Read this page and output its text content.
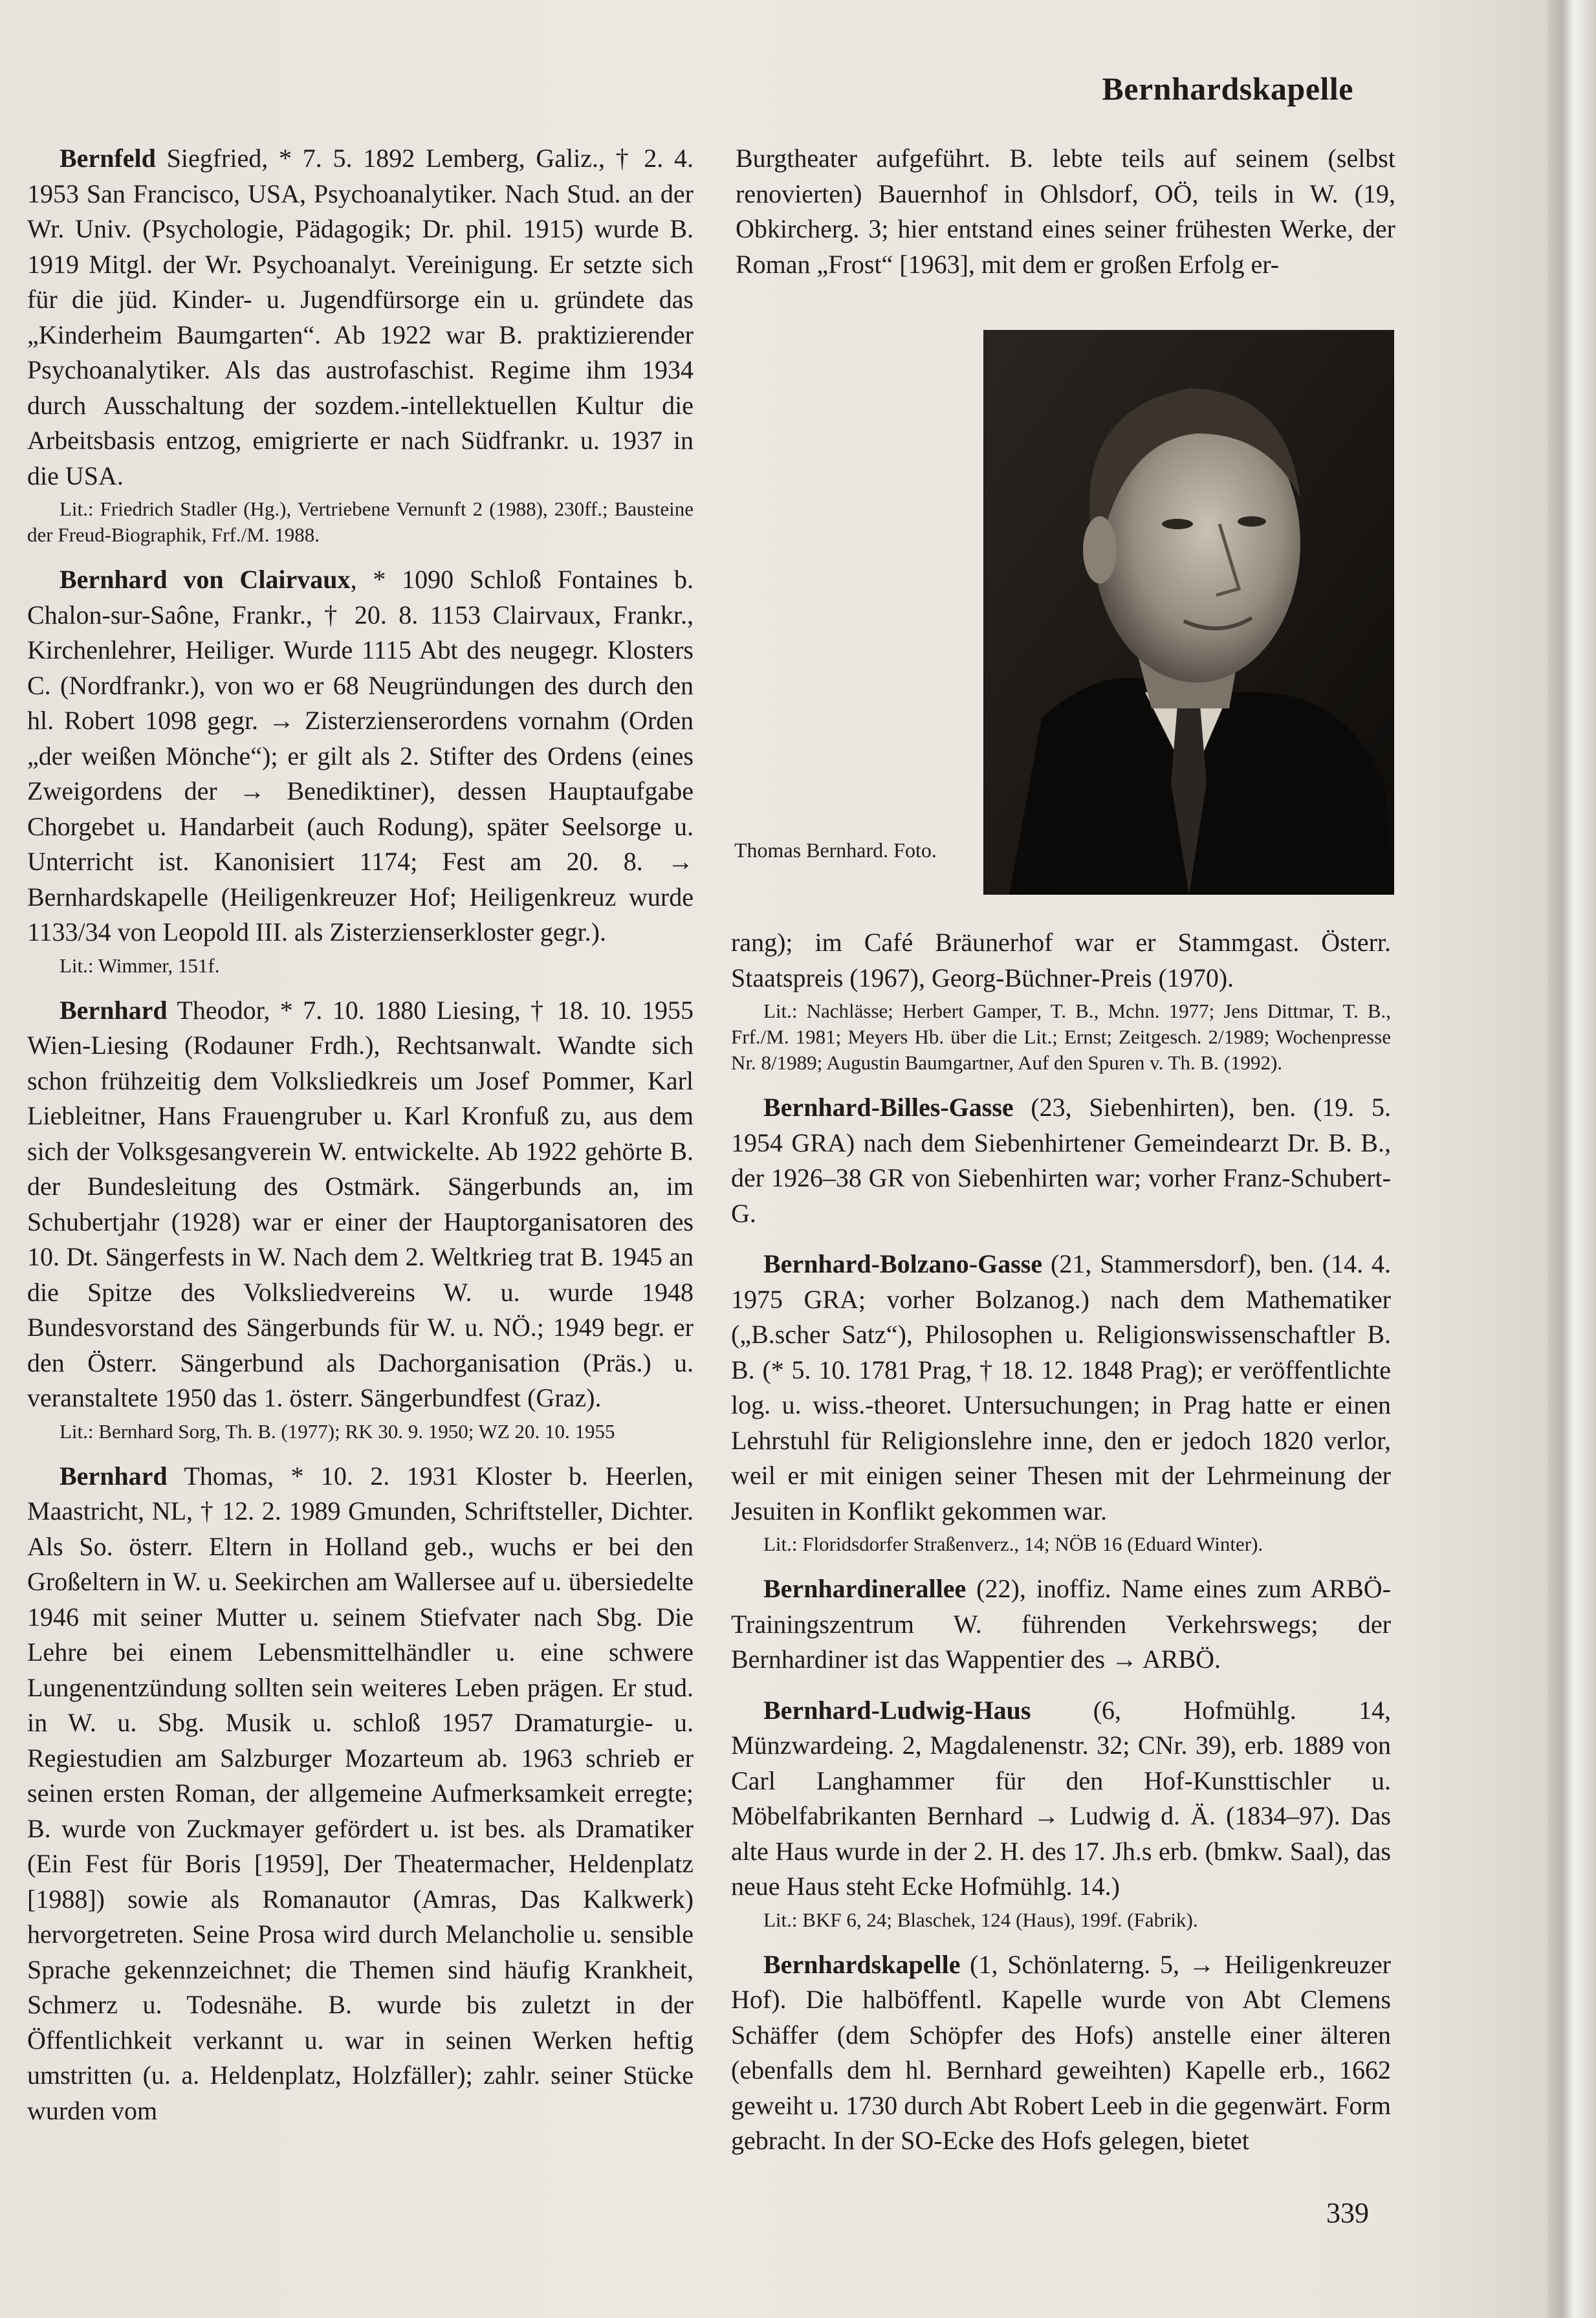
Bernhardskapelle

Bernfeld Siegfried, * 7. 5. 1892 Lemberg, Galiz., † 2. 4. 1953 San Francisco, USA, Psychoanalytiker. Nach Stud. an der Wr. Univ. (Psychologie, Pädagogik; Dr. phil. 1915) wurde B. 1919 Mitgl. der Wr. Psychoanalyt. Vereinigung. Er setzte sich für die jüd. Kinder- u. Jugendfürsorge ein u. gründete das „Kinderheim Baumgarten“. Ab 1922 war B. praktizierender Psychoanalytiker. Als das austrofaschist. Regime ihm 1934 durch Ausschaltung der sozdem.-intellektuellen Kultur die Arbeitsbasis entzog, emigrierte er nach Südfrankr. u. 1937 in die USA.

Lit.: Friedrich Stadler (Hg.), Vertriebene Vernunft 2 (1988), 230ff.; Bausteine der Freud-Biographik, Frf./M. 1988.

Bernhard von Clairvaux, * 1090 Schloß Fontaines b. Chalon-sur-Saône, Frankr., † 20. 8. 1153 Clairvaux, Frankr., Kirchenlehrer, Heiliger. Wurde 1115 Abt des neugegr. Klosters C. (Nordfrankr.), von wo er 68 Neugründungen des durch den hl. Robert 1098 gegr. → Zisterzienserordens vornahm (Orden „der weißen Mönche“); er gilt als 2. Stifter des Ordens (eines Zweigordens der → Benediktiner), dessen Hauptaufgabe Chorgebet u. Handarbeit (auch Rodung), später Seelsorge u. Unterricht ist. Kanonisiert 1174; Fest am 20. 8. → Bernhardskapelle (Heiligenkreuzer Hof; Heiligenkreuz wurde 1133/34 von Leopold III. als Zisterzienserkloster gegr.).

Lit.: Wimmer, 151f.

Bernhard Theodor, * 7. 10. 1880 Liesing, † 18. 10. 1955 Wien-Liesing (Rodauner Frdh.), Rechtsanwalt. Wandte sich schon frühzeitig dem Volksliedkreis um Josef Pommer, Karl Liebleitner, Hans Frauengruber u. Karl Kronfuß zu, aus dem sich der Volksgesangverein W. entwickelte. Ab 1922 gehörte B. der Bundesleitung des Ostmärk. Sängerbunds an, im Schubertjahr (1928) war er einer der Hauptorganisatoren des 10. Dt. Sängerfests in W. Nach dem 2. Weltkrieg trat B. 1945 an die Spitze des Volksliedvereins W. u. wurde 1948 Bundesvorstand des Sängerbunds für W. u. NÖ.; 1949 begr. er den Österr. Sängerbund als Dachorganisation (Präs.) u. veranstaltete 1950 das 1. österr. Sängerbundfest (Graz).

Lit.: Bernhard Sorg, Th. B. (1977); RK 30. 9. 1950; WZ 20. 10. 1955

Bernhard Thomas, * 10. 2. 1931 Kloster b. Heerlen, Maastricht, NL, † 12. 2. 1989 Gmunden, Schriftsteller, Dichter. Als So. österr. Eltern in Holland geb., wuchs er bei den Großeltern in W. u. Seekirchen am Wallersee auf u. übersiedelte 1946 mit seiner Mutter u. seinem Stiefvater nach Sbg. Die Lehre bei einem Lebensmittelhändler u. eine schwere Lungenentzündung sollten sein weiteres Leben prägen. Er stud. in W. u. Sbg. Musik u. schloß 1957 Dramaturgie- u. Regiestudien am Salzburger Mozarteum ab. 1963 schrieb er seinen ersten Roman, der allgemeine Aufmerksamkeit erregte; B. wurde von Zuckmayer gefördert u. ist bes. als Dramatiker (Ein Fest für Boris [1959], Der Theatermacher, Heldenplatz [1988]) sowie als Romanautor (Amras, Das Kalkwerk) hervorgetreten. Seine Prosa wird durch Melancholie u. sensible Sprache gekennzeichnet; die Themen sind häufig Krankheit, Schmerz u. Todesnähe. B. wurde bis zuletzt in der Öffentlichkeit verkannt u. war in seinen Werken heftig umstritten (u. a. Heldenplatz, Holzfäller); zahlr. seiner Stücke wurden vom

Burgtheater aufgeführt. B. lebte teils auf seinem (selbst renovierten) Bauernhof in Ohlsdorf, OÖ, teils in W. (19, Obkircherg. 3; hier entstand eines seiner frühesten Werke, der Roman „Frost“ [1963], mit dem er großen Erfolg er-

Thomas Bernhard. Foto.

rang); im Café Bräunerhof war er Stammgast. Österr. Staatspreis (1967), Georg-Büchner-Preis (1970).

Lit.: Nachlässe; Herbert Gamper, T. B., Mchn. 1977; Jens Dittmar, T. B., Frf./M. 1981; Meyers Hb. über die Lit.; Ernst; Zeitgesch. 2/1989; Wochenpresse Nr. 8/1989; Augustin Baumgartner, Auf den Spuren v. Th. B. (1992).

Bernhard-Billes-Gasse (23, Siebenhirten), ben. (19. 5. 1954 GRA) nach dem Siebenhirtener Gemeindearzt Dr. B. B., der 1926–38 GR von Siebenhirten war; vorher Franz-Schubert-G.

Bernhard-Bolzano-Gasse (21, Stammersdorf), ben. (14. 4. 1975 GRA; vorher Bolzanog.) nach dem Mathematiker („B.scher Satz“), Philosophen u. Religionswissenschaftler B. B. (* 5. 10. 1781 Prag, † 18. 12. 1848 Prag); er veröffentlichte log. u. wiss.-theoret. Untersuchungen; in Prag hatte er einen Lehrstuhl für Religionslehre inne, den er jedoch 1820 verlor, weil er mit einigen seiner Thesen mit der Lehrmeinung der Jesuiten in Konflikt gekommen war.

Lit.: Floridsdorfer Straßenverz., 14; NÖB 16 (Eduard Winter).

Bernhardinerallee (22), inoffiz. Name eines zum ARBÖ-Trainingszentrum W. führenden Verkehrswegs; der Bernhardiner ist das Wappentier des → ARBÖ.

Bernhard-Ludwig-Haus (6, Hofmühlg. 14, Münzwardeing. 2, Magdalenenstr. 32; CNr. 39), erb. 1889 von Carl Langhammer für den Hof-Kunsttischler u. Möbelfabrikanten Bernhard → Ludwig d. Ä. (1834–97). Das alte Haus wurde in der 2. H. des 17. Jh.s erb. (bmkw. Saal), das neue Haus steht Ecke Hofmühlg. 14.)

Lit.: BKF 6, 24; Blaschek, 124 (Haus), 199f. (Fabrik).

Bernhardskapelle (1, Schönlaterng. 5, → Heiligenkreuzer Hof). Die halböffentl. Kapelle wurde von Abt Clemens Schäffer (dem Schöpfer des Hofs) anstelle einer älteren (ebenfalls dem hl. Bernhard geweihten) Kapelle erb., 1662 geweiht u. 1730 durch Abt Robert Leeb in die gegenwärt. Form gebracht. In der SO-Ecke des Hofs gelegen, bietet

339
